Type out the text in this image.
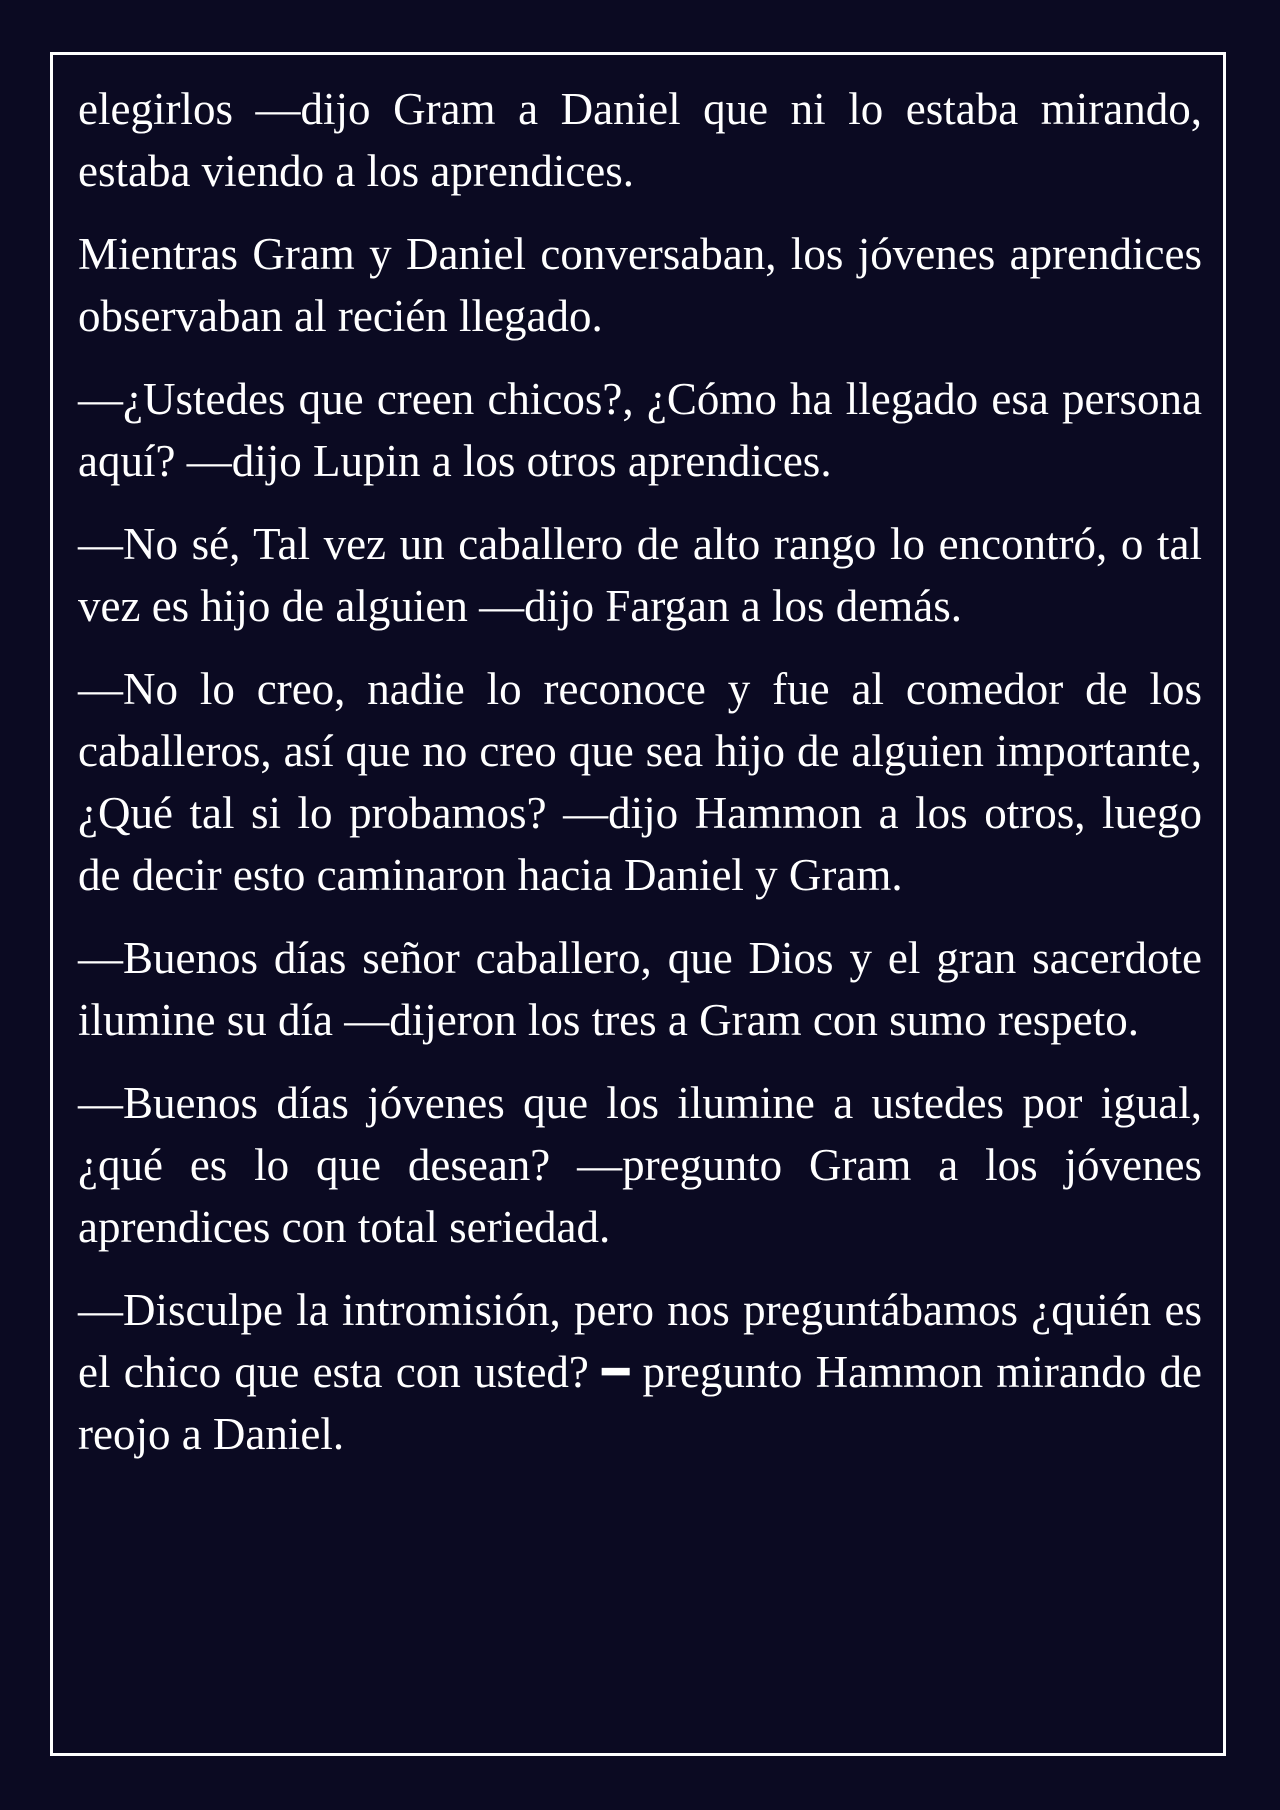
elegirlos —dijo Gram a Daniel que ni lo estaba mirando, estaba viendo a los aprendices.

Mientras Gram y Daniel conversaban, los jóvenes aprendices observaban al recién llegado.

—¿Ustedes que creen chicos?, ¿Cómo ha llegado esa persona aquí? —dijo Lupin a los otros aprendices.

—No sé, Tal vez un caballero de alto rango lo encontró, o tal vez es hijo de alguien —dijo Fargan a los demás.

—No lo creo, nadie lo reconoce y fue al comedor de los caballeros, así que no creo que sea hijo de alguien importante, ¿Qué tal si lo probamos? —dijo Hammon a los otros, luego de decir esto caminaron hacia Daniel y Gram.

—Buenos días señor caballero, que Dios y el gran sacerdote ilumine su día —dijeron los tres a Gram con sumo respeto.

—Buenos días jóvenes que los ilumine a ustedes por igual, ¿qué es lo que desean? —pregunto Gram a los jóvenes aprendices con total seriedad.

—Disculpe la intromisión, pero nos preguntábamos ¿quién es el chico que esta con usted? ━ pregunto Hammon mirando de reojo a Daniel.
